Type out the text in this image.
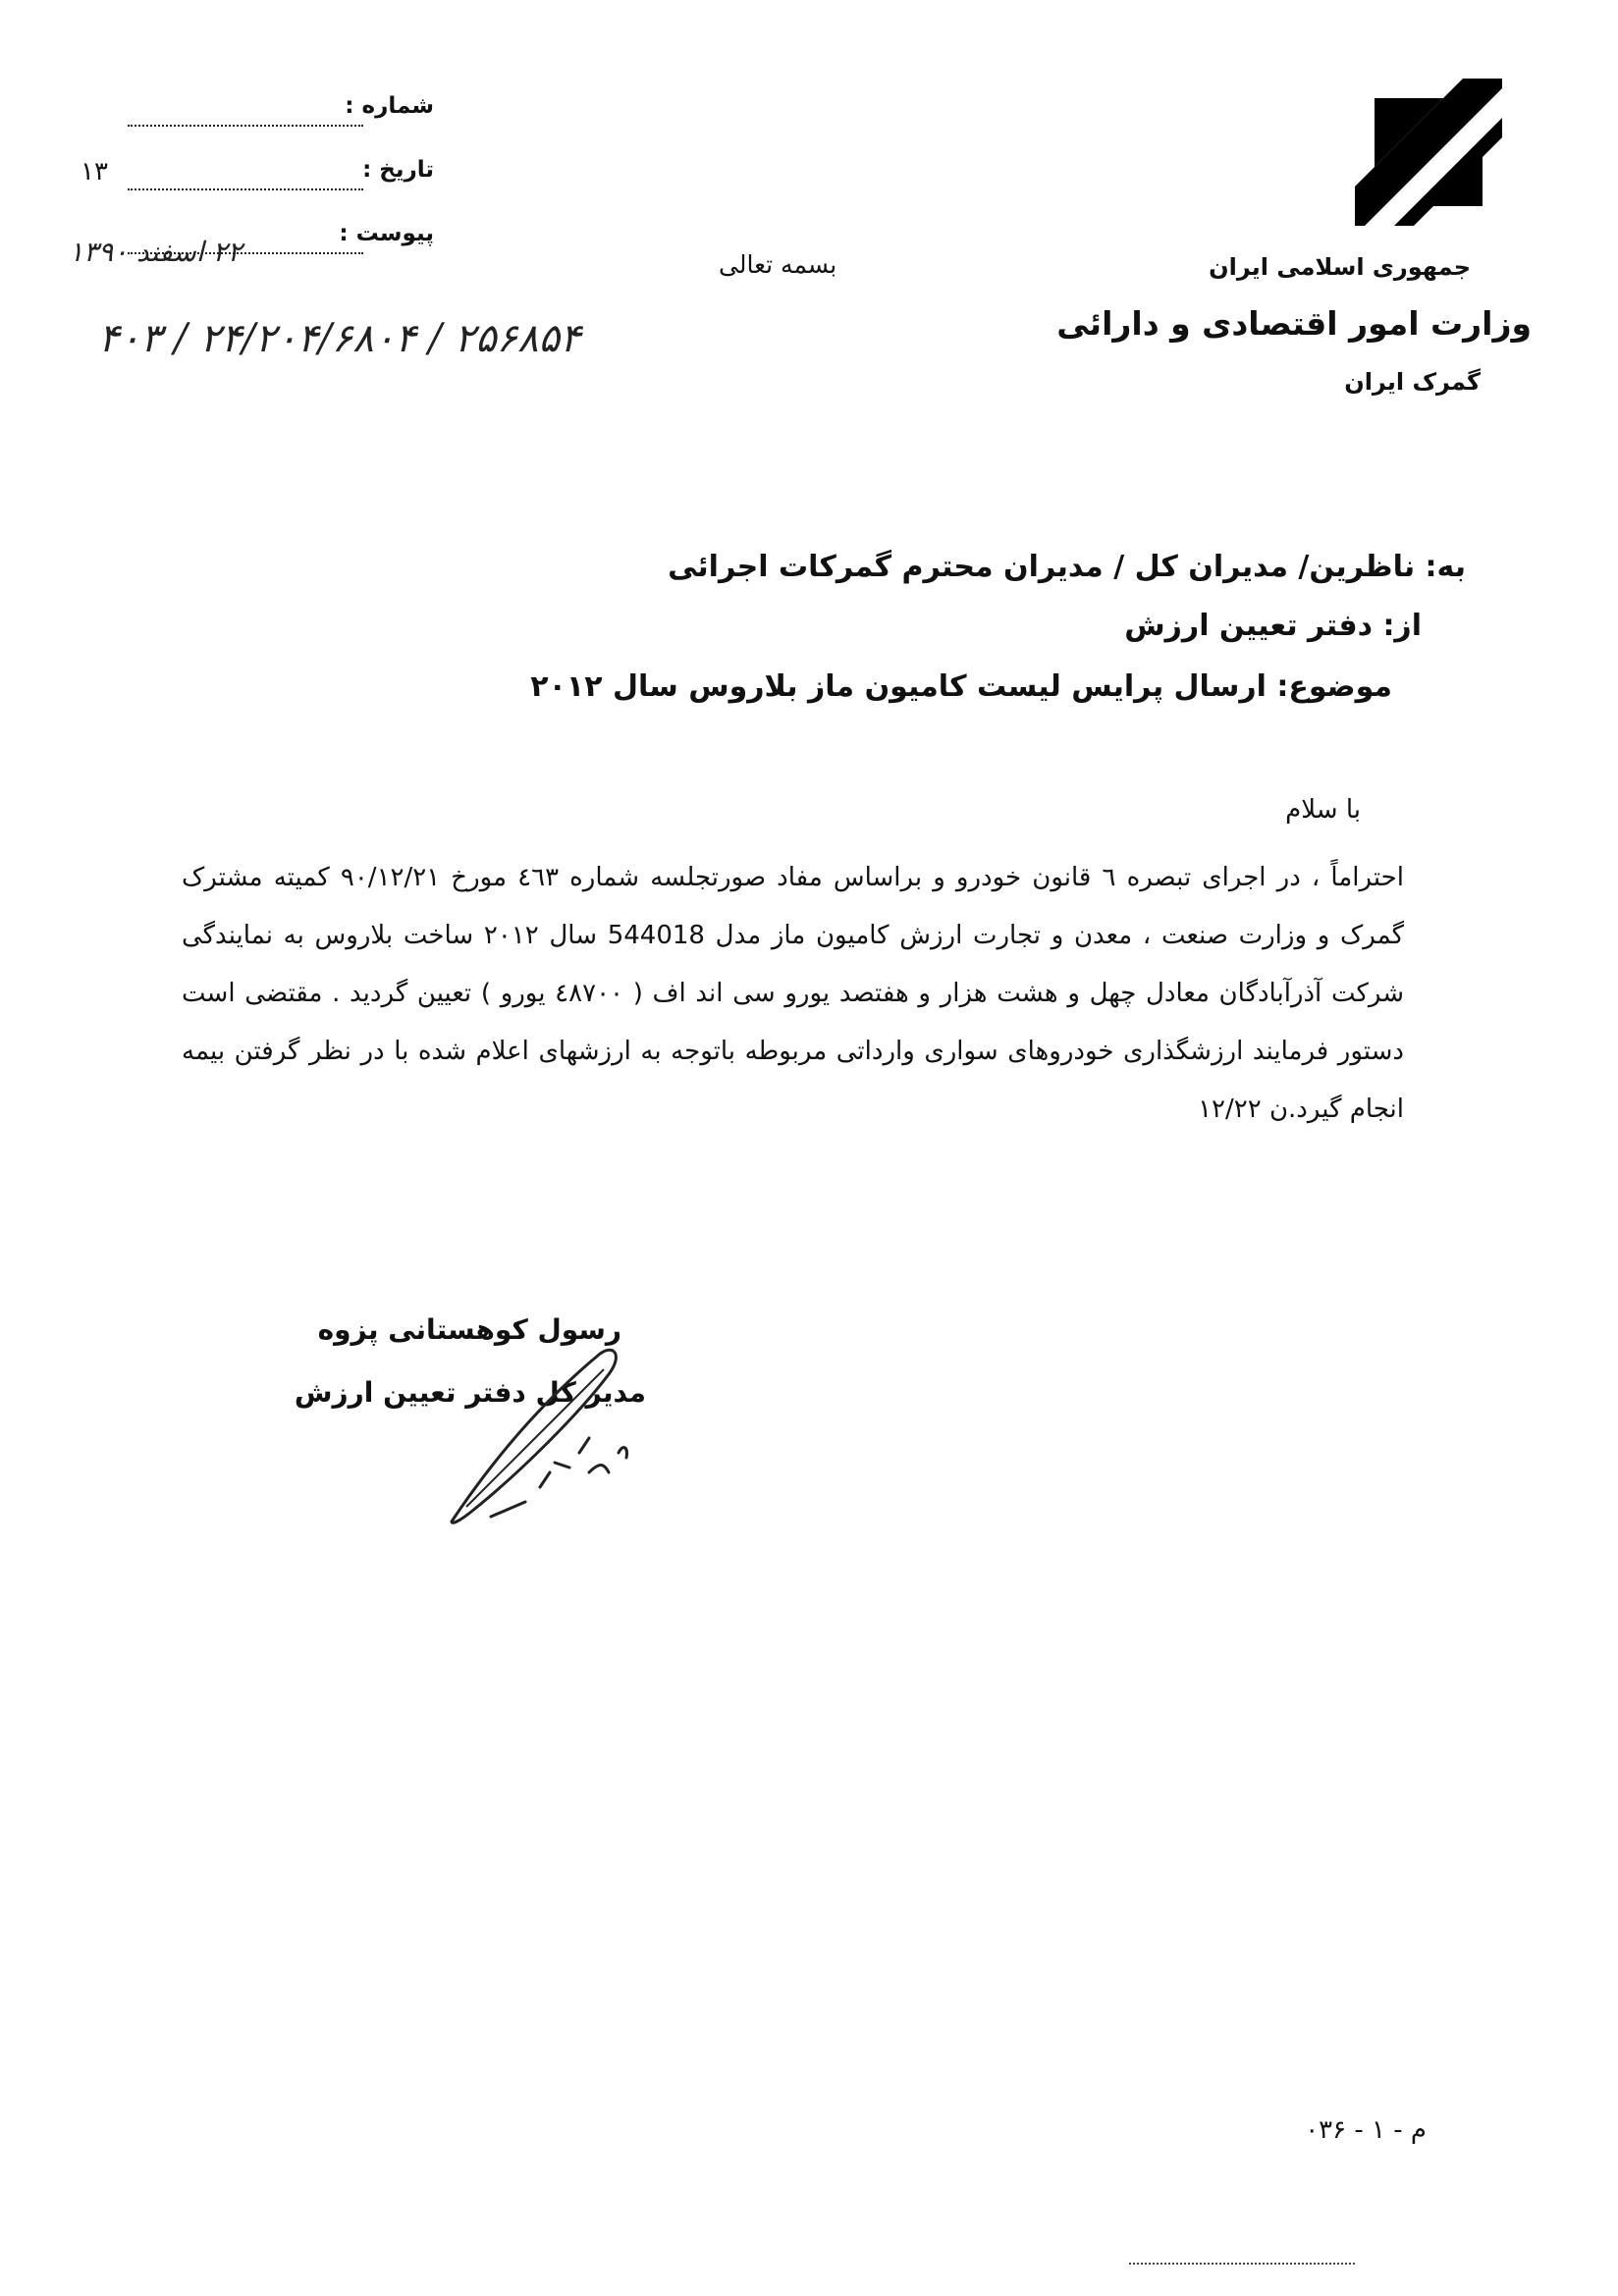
جمهوری اسلامی ایران
وزارت امور اقتصادی و دارائی
گمرک ایران
بسمه تعالی
شماره :
تاریخ :
۱۳
پیوست :
۲۲ اسفند ۱۳۹۰
۲۵۶۸۵۴ / ۲۴/۲۰۴/۶۸۰۴ / ۴۰۳
به: ناظرین/ مدیران کل / مدیران محترم گمرکات اجرائی
از: دفتر تعیین ارزش
موضوع: ارسال پرایس لیست کامیون ماز بلاروس سال ۲۰۱۲
با سلام
احتراماً ، در اجرای تبصره ٦ قانون خودرو و براساس مفاد صورتجلسه شماره ٤٦٣ مورخ ۹۰/۱۲/۲۱ کمیته مشترک گمرک و وزارت صنعت ، معدن و تجارت ارزش کامیون ماز مدل 544018 سال ۲۰۱۲ ساخت بلاروس به نمایندگی شرکت آذرآبادگان معادل چهل و هشت هزار و هفتصد یورو سی اند اف ( ٤٨٧٠٠ یورو ) تعیین گردید . مقتضی است دستور فرمایند ارزشگذاری خودروهای سواری وارداتی مربوطه باتوجه به ارزشهای اعلام شده با در نظر گرفتن بیمه انجام گیرد.ن ۱۲/۲۲
رسول کوهستانی پزوه
مدیر کل دفتر تعیین ارزش
م - ۱ - ۰۳۶
